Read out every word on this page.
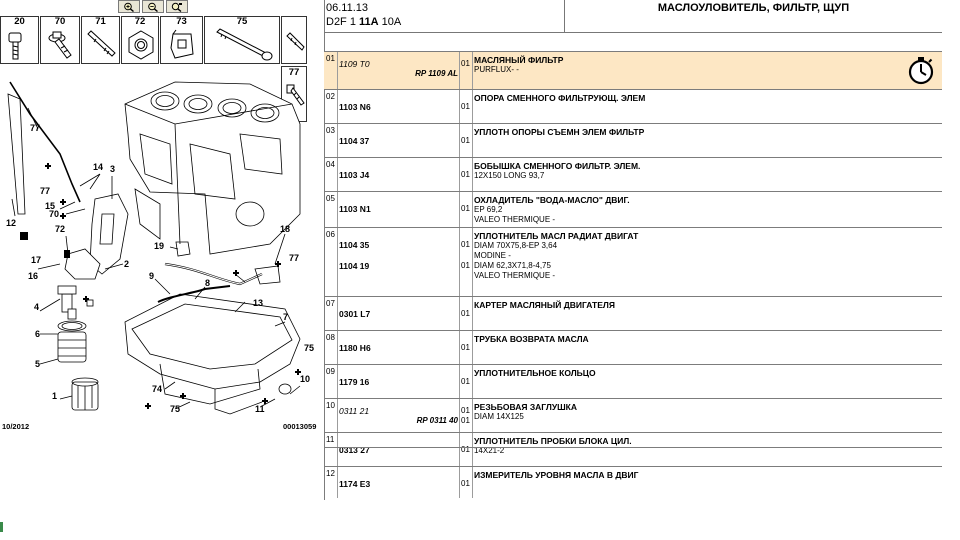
20	70	71	72	73	75
77
77
12
14 3
77
15
70
72
17
16
4
6
5
1
2
19
18
77
9
8
13
7
74
75
75
11
10
10/2012	00013059
06.11.13
D2F 1 11A 10A
МАСЛОУЛОВИТЕЛЬ, ФИЛЬТР, ЩУП
01
1109 T0	01
RP 1109 AL
МАСЛЯНЫЙ ФИЛЬТР
PURFLUX- -
02
1103 N6	01
ОПОРА СМЕННОГО ФИЛЬТРУЮЩ. ЭЛЕМ
03
1104 37	01
УПЛОТН ОПОРЫ СЪЕМН ЭЛЕМ ФИЛЬТР
04
1103 J4	01
БОБЫШКА СМЕННОГО ФИЛЬТР. ЭЛЕМ.
12X150 LONG 93,7
05
1103 N1	01
ОХЛАДИТЕЛЬ "ВОДА-МАСЛО" ДВИГ.
EP 69,2
VALEO THERMIQUE -
06
1104 35	01
1104 19	01
УПЛОТНИТЕЛЬ МАСЛ РАДИАТ ДВИГАТ
DIAM 70X75,8-EP 3,64
MODINE -
DIAM 62,3X71,8-4,75
VALEO THERMIQUE -
07
0301 L7	01
КАРТЕР МАСЛЯНЫЙ ДВИГАТЕЛЯ
08
1180 H6	01
ТРУБКА ВОЗВРАТА МАСЛА
09
1179 16	01
УПЛОТНИТЕЛЬНОЕ КОЛЬЦО
10
0311 21	01
01
RP 0311 40
РЕЗЬБОВАЯ ЗАГЛУШКА
DIAM 14X125
11
0313 27	01
УПЛОТНИТЕЛЬ ПРОБКИ БЛОКА ЦИЛ.
14X21-2
12
1174 E3	01
ИЗМЕРИТЕЛЬ УРОВНЯ МАСЛА В ДВИГ
